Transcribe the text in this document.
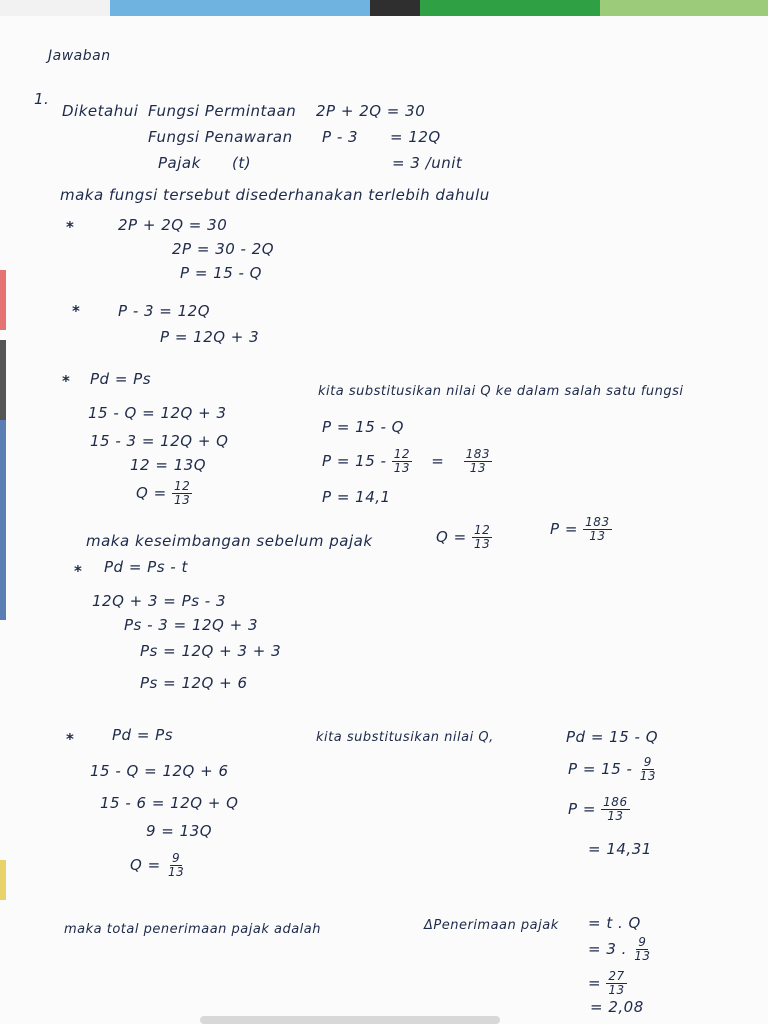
Jawaban
1.
Diketahui Fungsi Permintaan 2P + 2Q = 30
Fungsi Penawaran P - 3 = 12Q
Pajak (t)	= 3 /unit
maka fungsi tersebut disederhanakan terlebih dahulu
*	2P + 2Q = 30
2P = 30 - 2Q
P = 15 - Q
*	P - 3 = 12Q
P = 12Q + 3
* Pd = Ps
15 - Q = 12Q + 3
15 - 3 = 12Q + Q
12 = 13Q
$Q = \frac{12}{13}$
kita substitusikan nilai Q ke dalam salah satu fungsi
P = 15 - Q
$P = 15 - \frac{12}{13} = \frac{183}{13}$
P = 14,1
maka keseimbangan sebelum pajak	$Q = \frac{12}{13}$	$P = \frac{183}{13}$
* Pd = Ps - t
12Q + 3 = Ps - 3
Ps - 3 = 12Q + 3
Ps = 12Q + 3 + 3
Ps = 12Q + 6
*	Pd = Ps
15 - Q = 12Q + 6
15 - 6 = 12Q + Q
9 = 13Q
$Q = \frac{9}{13}$
kita substitusikan nilai Q,	Pd = 15 - Q
$P = 15 - \frac{9}{13}$
$P = \frac{186}{13}$
= 14,31
maka total penerimaan pajak adalah	ΔPenerimaan pajak = t . Q
= 3 . $\frac{9}{13}$
= $\frac{27}{13}$
= 2,08
